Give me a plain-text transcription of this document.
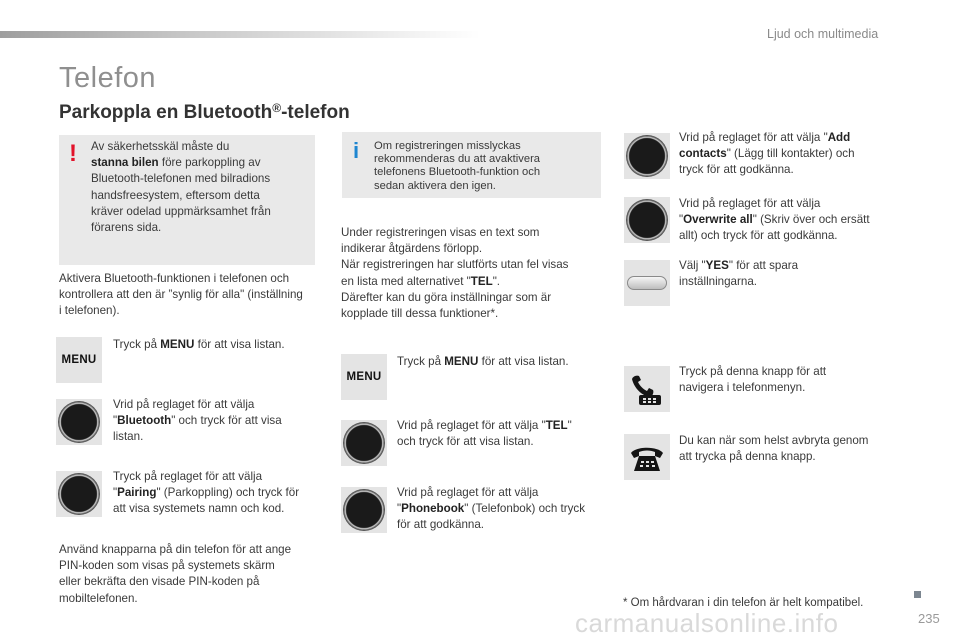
Ljud och multimedia
Telefon
Parkoppla en Bluetooth®-telefon
! Av säkerhetsskäl måste du
stanna bilen före parkoppling av
Bluetooth-telefonen med bilradions
handsfreesystem, eftersom detta
kräver odelad uppmärksamhet från
förarens sida.
i Om registreringen misslyckas
rekommenderas du att avaktivera
telefonens Bluetooth-funktion och
sedan aktivera den igen.
Aktivera Bluetooth-funktionen i telefonen och
kontrollera att den är ”synlig för alla" (inställning
i telefonen).
MENU
Tryck på MENU för att visa listan.
Vrid på reglaget för att välja
"Bluetooth" och tryck för att visa
listan.
Tryck på reglaget för att välja
"Pairing" (Parkoppling) och tryck för
att visa systemets namn och kod.
Använd knapparna på din telefon för att ange
PIN-koden som visas på systemets skärm
eller bekräfta den visade PIN-koden på
mobiltelefonen.
Under registreringen visas en text som
indikerar åtgärdens förlopp.
När registreringen har slutförts utan fel visas
en lista med alternativet "TEL".
Därefter kan du göra inställningar som är
kopplade till dessa funktioner*.
MENU
Tryck på MENU för att visa listan.
Vrid på reglaget för att välja "TEL"
och tryck för att visa listan.
Vrid på reglaget för att välja
"Phonebook" (Telefonbok) och tryck
för att godkänna.
Vrid på reglaget för att välja "Add
contacts" (Lägg till kontakter) och
tryck för att godkänna.
Vrid på reglaget för att välja
"Overwrite all" (Skriv över och ersätt
allt) och tryck för att godkänna.
Välj "YES" för att spara
inställningarna.
Tryck på denna knapp för att
navigera i telefonmenyn.
Du kan när som helst avbryta genom
att trycka på denna knapp.
* Om hårdvaran i din telefon är helt kompatibel.
carmanualsonline.info	235
